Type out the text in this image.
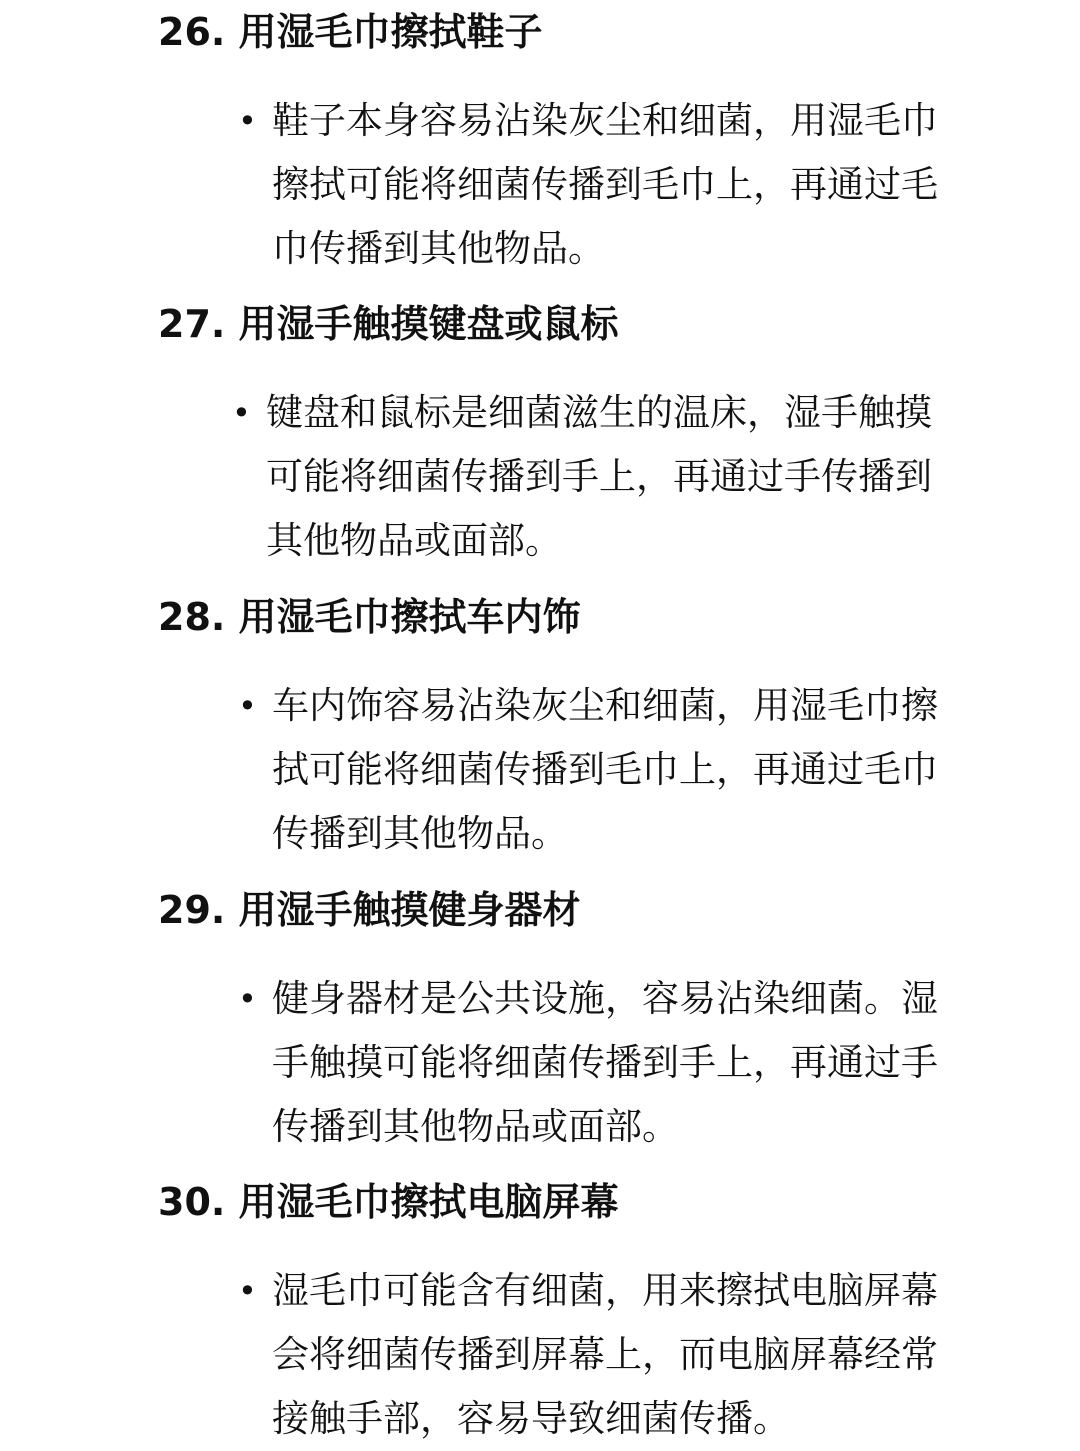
26. 用湿毛巾擦拭鞋子
• 鞋子本身容易沾染灰尘和细菌，用湿毛巾
擦拭可能将细菌传播到毛巾上，再通过毛
巾传播到其他物品。
27. 用湿手触摸键盘或鼠标
• 键盘和鼠标是细菌滋生的温床，湿手触摸
可能将细菌传播到手上，再通过手传播到
其他物品或面部。
28. 用湿毛巾擦拭车内饰
• 车内饰容易沾染灰尘和细菌，用湿毛巾擦
拭可能将细菌传播到毛巾上，再通过毛巾
传播到其他物品。
29. 用湿手触摸健身器材
• 健身器材是公共设施，容易沾染细菌。湿
手触摸可能将细菌传播到手上，再通过手
传播到其他物品或面部。
30. 用湿毛巾擦拭电脑屏幕
• 湿毛巾可能含有细菌，用来擦拭电脑屏幕
会将细菌传播到屏幕上，而电脑屏幕经常
接触手部，容易导致细菌传播。
